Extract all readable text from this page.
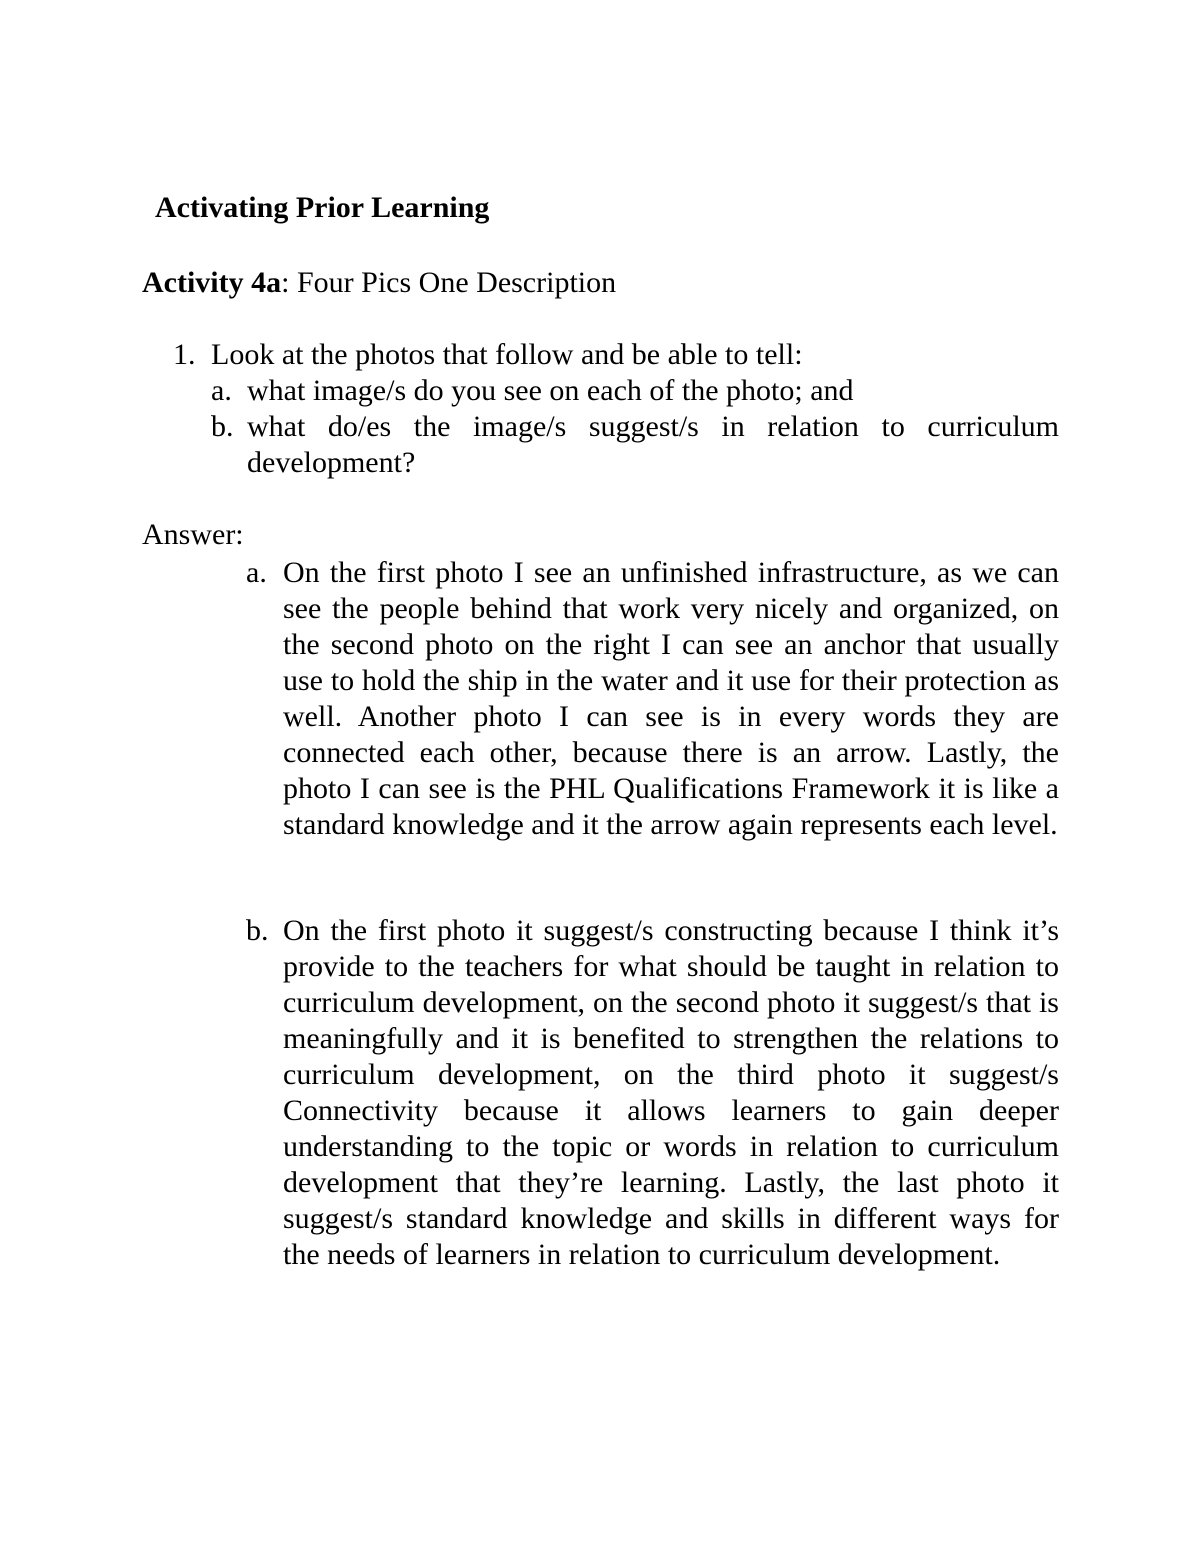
Activating Prior Learning
Activity 4a: Four Pics One Description
1. Look at the photos that follow and be able to tell:
a. what image/s do you see on each of the photo; and
b. what do/es the image/s suggest/s in relation to curriculum development?
Answer:
a. On the first photo I see an unfinished infrastructure, as we can see the people behind that work very nicely and organized, on the second photo on the right I can see an anchor that usually use to hold the ship in the water and it use for their protection as well. Another photo I can see is in every words they are connected each other, because there is an arrow. Lastly, the photo I can see is the PHL Qualifications Framework it is like a standard knowledge and it the arrow again represents each level.
b. On the first photo it suggest/s constructing because I think it’s provide to the teachers for what should be taught in relation to curriculum development, on the second photo it suggest/s that is meaningfully and it is benefited to strengthen the relations to curriculum development, on the third photo it suggest/s Connectivity because it allows learners to gain deeper understanding to the topic or words in relation to curriculum development that they’re learning. Lastly, the last photo it suggest/s standard knowledge and skills in different ways for the needs of learners in relation to curriculum development.
